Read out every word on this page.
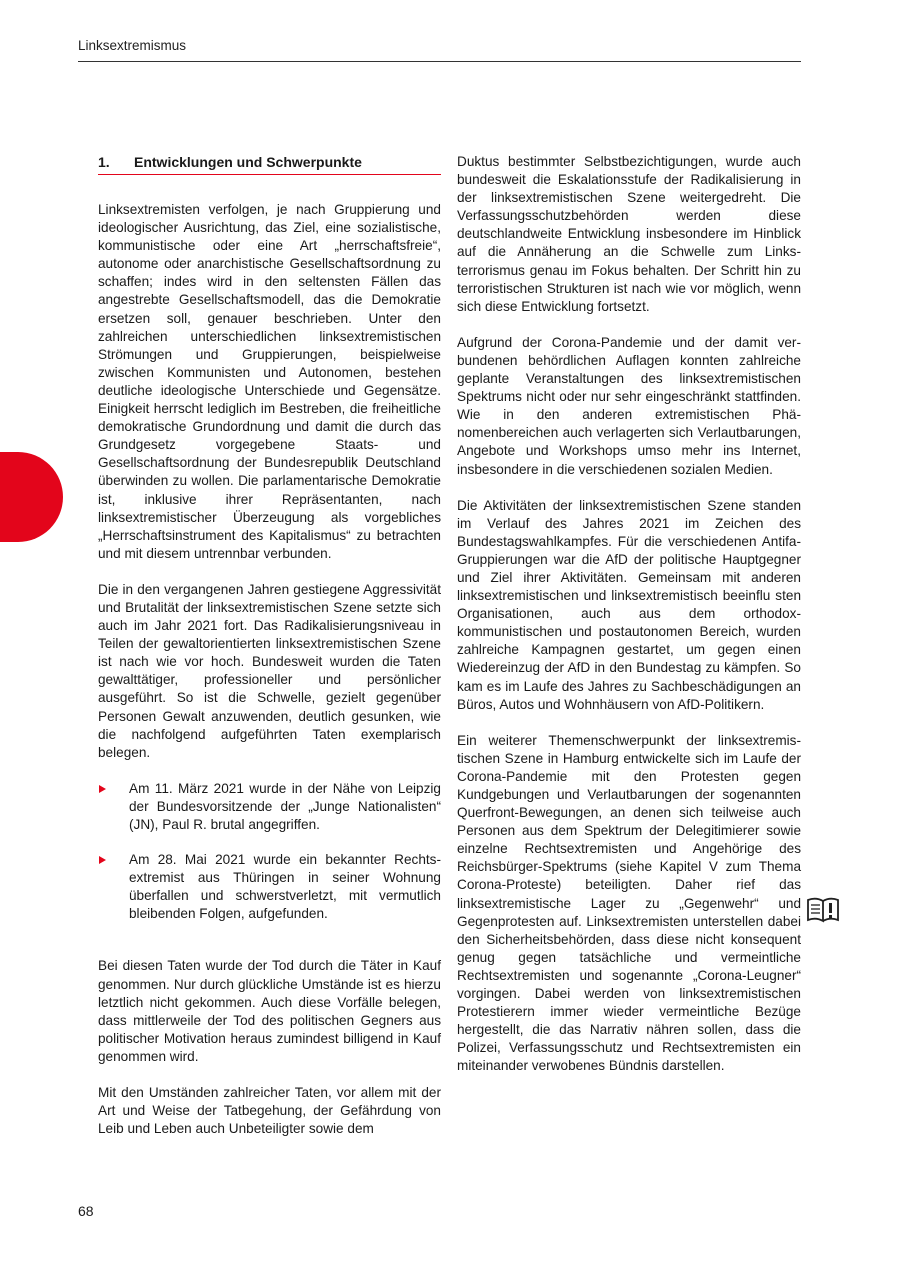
Linksextremismus
1.	Entwicklungen und Schwerpunkte

Linksextremisten verfolgen, je nach Gruppierung und ideologischer Ausrichtung, das Ziel, eine sozialistische, kommunistische oder eine Art „herrschaftsfreie“, autonome oder anarchistische Gesellschaftsordnung zu schaffen; indes wird in den seltensten Fällen das angestrebte Gesellschaftsmodell, das die Demokratie ersetzen soll, genauer beschrieben. Unter den zahlreichen unterschiedlichen linksextremistischen Strömungen und Gruppierungen, beispielweise zwischen Kommunisten und Autonomen, bestehen deutliche ideologische Unterschiede und Gegensätze. Einigkeit herrscht lediglich im Bestreben, die freiheitliche demokratische Grundordnung und damit die durch das Grundgesetz vorgegebene Staats- und Gesellschaftsordnung der Bundesrepublik Deutschland überwinden zu wollen. Die parlamentarische Demokratie ist, inklusive ihrer Repräsentanten, nach linksextremistischer Überzeugung als vorgebliches „Herrschaftsinstrument des Kapitalismus“ zu betrachten und mit diesem untrennbar verbunden.

Die in den vergangenen Jahren gestiegene Aggressivität und Brutalität der linksextremistischen Szene setzte sich auch im Jahr 2021 fort. Das Radikalisierungsniveau in Teilen der gewaltorientierten linksextremistischen Szene ist nach wie vor hoch. Bundesweit wurden die Taten gewalttätiger, professioneller und persönlicher ausgeführt. So ist die Schwelle, gezielt gegenüber Personen Gewalt anzuwenden, deutlich gesunken, wie die nachfolgend aufgeführten Taten exemplarisch belegen.

Am 11. März 2021 wurde in der Nähe von Leipzig der Bundesvorsitzende der „Junge Nationalisten“ (JN), Paul R. brutal angegriffen.
Am 28. Mai 2021 wurde ein bekannter Rechtsextremist aus Thüringen in seiner Wohnung überfallen und schwerstverletzt, mit vermutlich bleibenden Folgen, aufgefunden.

Bei diesen Taten wurde der Tod durch die Täter in Kauf genommen. Nur durch glückliche Umstände ist es hierzu letztlich nicht gekommen. Auch diese Vorfälle belegen, dass mittlerweile der Tod des politischen Gegners aus politischer Motivation heraus zumindest billigend in Kauf genommen wird.

Mit den Umständen zahlreicher Taten, vor allem mit der Art und Weise der Tatbegehung, der Gefährdung von Leib und Leben auch Unbeteiligter sowie dem

Duktus bestimmter Selbstbezichtigungen, wurde auch bundesweit die Eskalationsstufe der Radikalisierung in der linksextremistischen Szene weitergedreht. Die Verfassungsschutzbehörden werden diese deutschlandweite Entwicklung insbesondere im Hinblick auf die Annäherung an die Schwelle zum Linksterrorismus genau im Fokus behalten. Der Schritt hin zu terroristischen Strukturen ist nach wie vor möglich, wenn sich diese Entwicklung fortsetzt.

Aufgrund der Corona-Pandemie und der damit verbundenen behördlichen Auflagen konnten zahlreiche geplante Veranstaltungen des linksextremistischen Spektrums nicht oder nur sehr eingeschränkt stattfinden. Wie in den anderen extremistischen Phänomenbereichen auch verlagerten sich Verlautbarungen, Angebote und Workshops umso mehr ins Internet, insbesondere in die verschiedenen sozialen Medien.

Die Aktivitäten der linksextremistischen Szene standen im Verlauf des Jahres 2021 im Zeichen des Bundestagswahlkampfes. Für die verschiedenen Antifa-Gruppierungen war die AfD der politische Hauptgegner und Ziel ihrer Aktivitäten. Gemeinsam mit anderen linksextremistischen und linksextremistisch beeinflu sten Organisationen, auch aus dem orthodox-kommunistischen und postautonomen Bereich, wurden zahlreiche Kampagnen gestartet, um gegen einen Wiedereinzug der AfD in den Bundestag zu kämpfen. So kam es im Laufe des Jahres zu Sachbeschädigungen an Büros, Autos und Wohnhäusern von AfD-Politikern.

Ein weiterer Themenschwerpunkt der linksextremistischen Szene in Hamburg entwickelte sich im Laufe der Corona-Pandemie mit den Protesten gegen Kundgebungen und Verlautbarungen der sogenannten Querfront-Bewegungen, an denen sich teilweise auch Personen aus dem Spektrum der Delegitimierer sowie einzelne Rechtsextremisten und Angehörige des Reichsbürger-Spektrums (siehe Kapitel V zum Thema Corona-Proteste) beteiligten. Daher rief das linksextremistische Lager zu „Gegenwehr“ und Gegenprotesten auf. Linksextremisten unterstellen dabei den Sicherheitsbehörden, dass diese nicht konsequent genug gegen tatsächliche und vermeintliche Rechtsextremisten und sogenannte „Corona-Leugner“ vorgingen. Dabei werden von linksextremistischen Protestierern immer wieder vermeintliche Bezüge hergestellt, die das Narrativ nähren sollen, dass die Polizei, Verfassungsschutz und Rechtsextremisten ein miteinander verwobenes Bündnis darstellen.

68
